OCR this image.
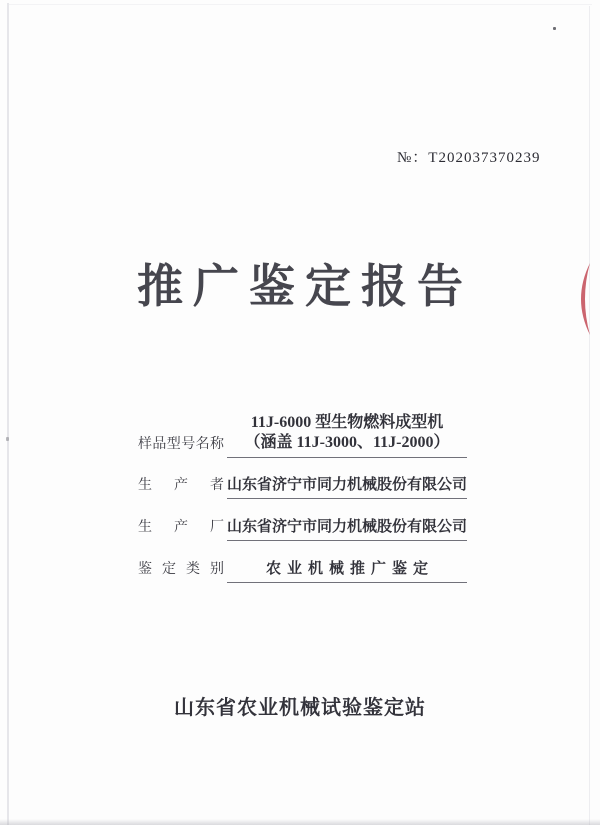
№：T202037370239
推广鉴定报告
样品型号名称
11J-6000 型生物燃料成型机
（涵盖 11J-3000、11J-2000）
生产者 山东省济宁市同力机械股份有限公司
生产厂 山东省济宁市同力机械股份有限公司
鉴定类别	农业机械推广鉴定
山东省农业机械试验鉴定站
